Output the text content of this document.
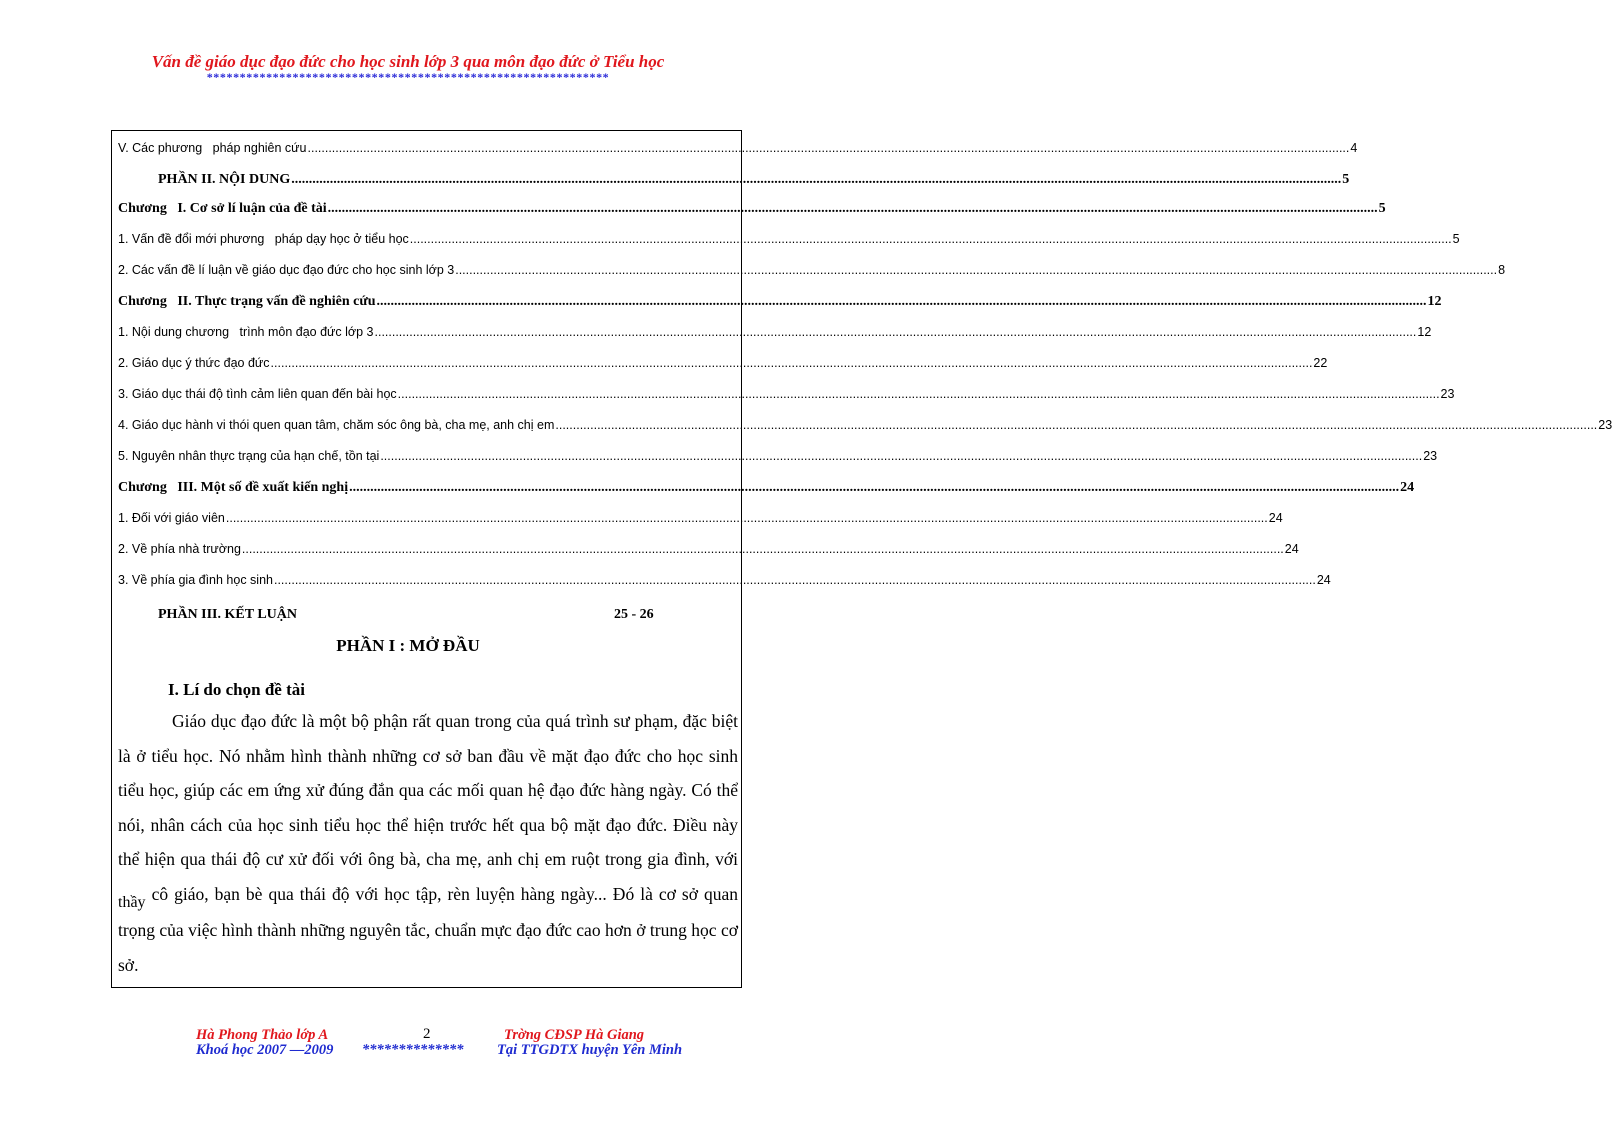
Vấn đề giáo dục đạo đức cho học sinh lớp 3 qua môn đạo đức ở Tiểu học
*************************************************************
V. Các phương   pháp nghiên cứu ............................................................................................................................................................................................................................................................................................................ 4
PHẦN II. NỘI DUNG ............................................................................................................................................................................................................................................................................................................ 5
Chương   I. Cơ sở lí luận của đề tài ............................................................................................................................................................................................................................................................................................................ 5
1. Vấn đề đổi mới phương   pháp dạy học ở tiểu học ............................................................................................................................................................................................................................................................................................................ 5
2. Các vấn đề lí luận về giáo dục đạo đức cho học sinh lớp 3 ............................................................................................................................................................................................................................................................................................................ 8
Chương   II. Thực trạng vấn đề nghiên cứu ............................................................................................................................................................................................................................................................................................................ 12
1. Nội dung chương   trình môn đạo đức lớp 3 ............................................................................................................................................................................................................................................................................................................ 12
2. Giáo dục ý thức đạo đức ............................................................................................................................................................................................................................................................................................................ 22
3. Giáo dục thái độ tình cảm liên quan đến bài học ............................................................................................................................................................................................................................................................................................................ 23
4. Giáo dục hành vi thói quen quan tâm, chăm sóc ông bà, cha mẹ, anh chị em ............................................................................................................................................................................................................................................................................................................ 23
5. Nguyên nhân thực trạng của hạn chế, tồn tại ............................................................................................................................................................................................................................................................................................................ 23
Chương   III. Một số đề xuất kiến nghị ............................................................................................................................................................................................................................................................................................................ 24
1. Đối với giáo viên ............................................................................................................................................................................................................................................................................................................ 24
2. Về phía nhà trường ............................................................................................................................................................................................................................................................................................................ 24
3. Về phía gia đình học sinh ............................................................................................................................................................................................................................................................................................................ 24
PHẦN III. KẾT LUẬN	25 - 26
PHẦN I : MỞ ĐẦU
I. Lí do chọn đề tài
Giáo dục đạo đức là một bộ phận rất quan trong của quá trình sư phạm, đặc biệt là ở tiểu học. Nó nhằm hình thành những cơ sở ban đầu về mặt đạo đức cho học sinh tiểu học, giúp các em ứng xử đúng đắn qua các mối quan hệ đạo đức hàng ngày. Có thể nói, nhân cách của học sinh tiểu học thể hiện trước hết qua bộ mặt đạo đức. Điều này thể hiện qua thái độ cư xử đối với ông bà, cha mẹ, anh chị em ruột trong gia đình, với thầy cô giáo, bạn bè qua thái độ với học tập, rèn luyện hàng ngày... Đó là cơ sở quan trọng của việc hình thành những nguyên tắc, chuẩn mực đạo đức cao hơn ở trung học cơ sở.
Hà Phong Thảo lớp A	2	Trờng CĐSP Hà Giang
Khoá học 2007 —2009 ************** Tại TTGDTX huyện Yên Minh
